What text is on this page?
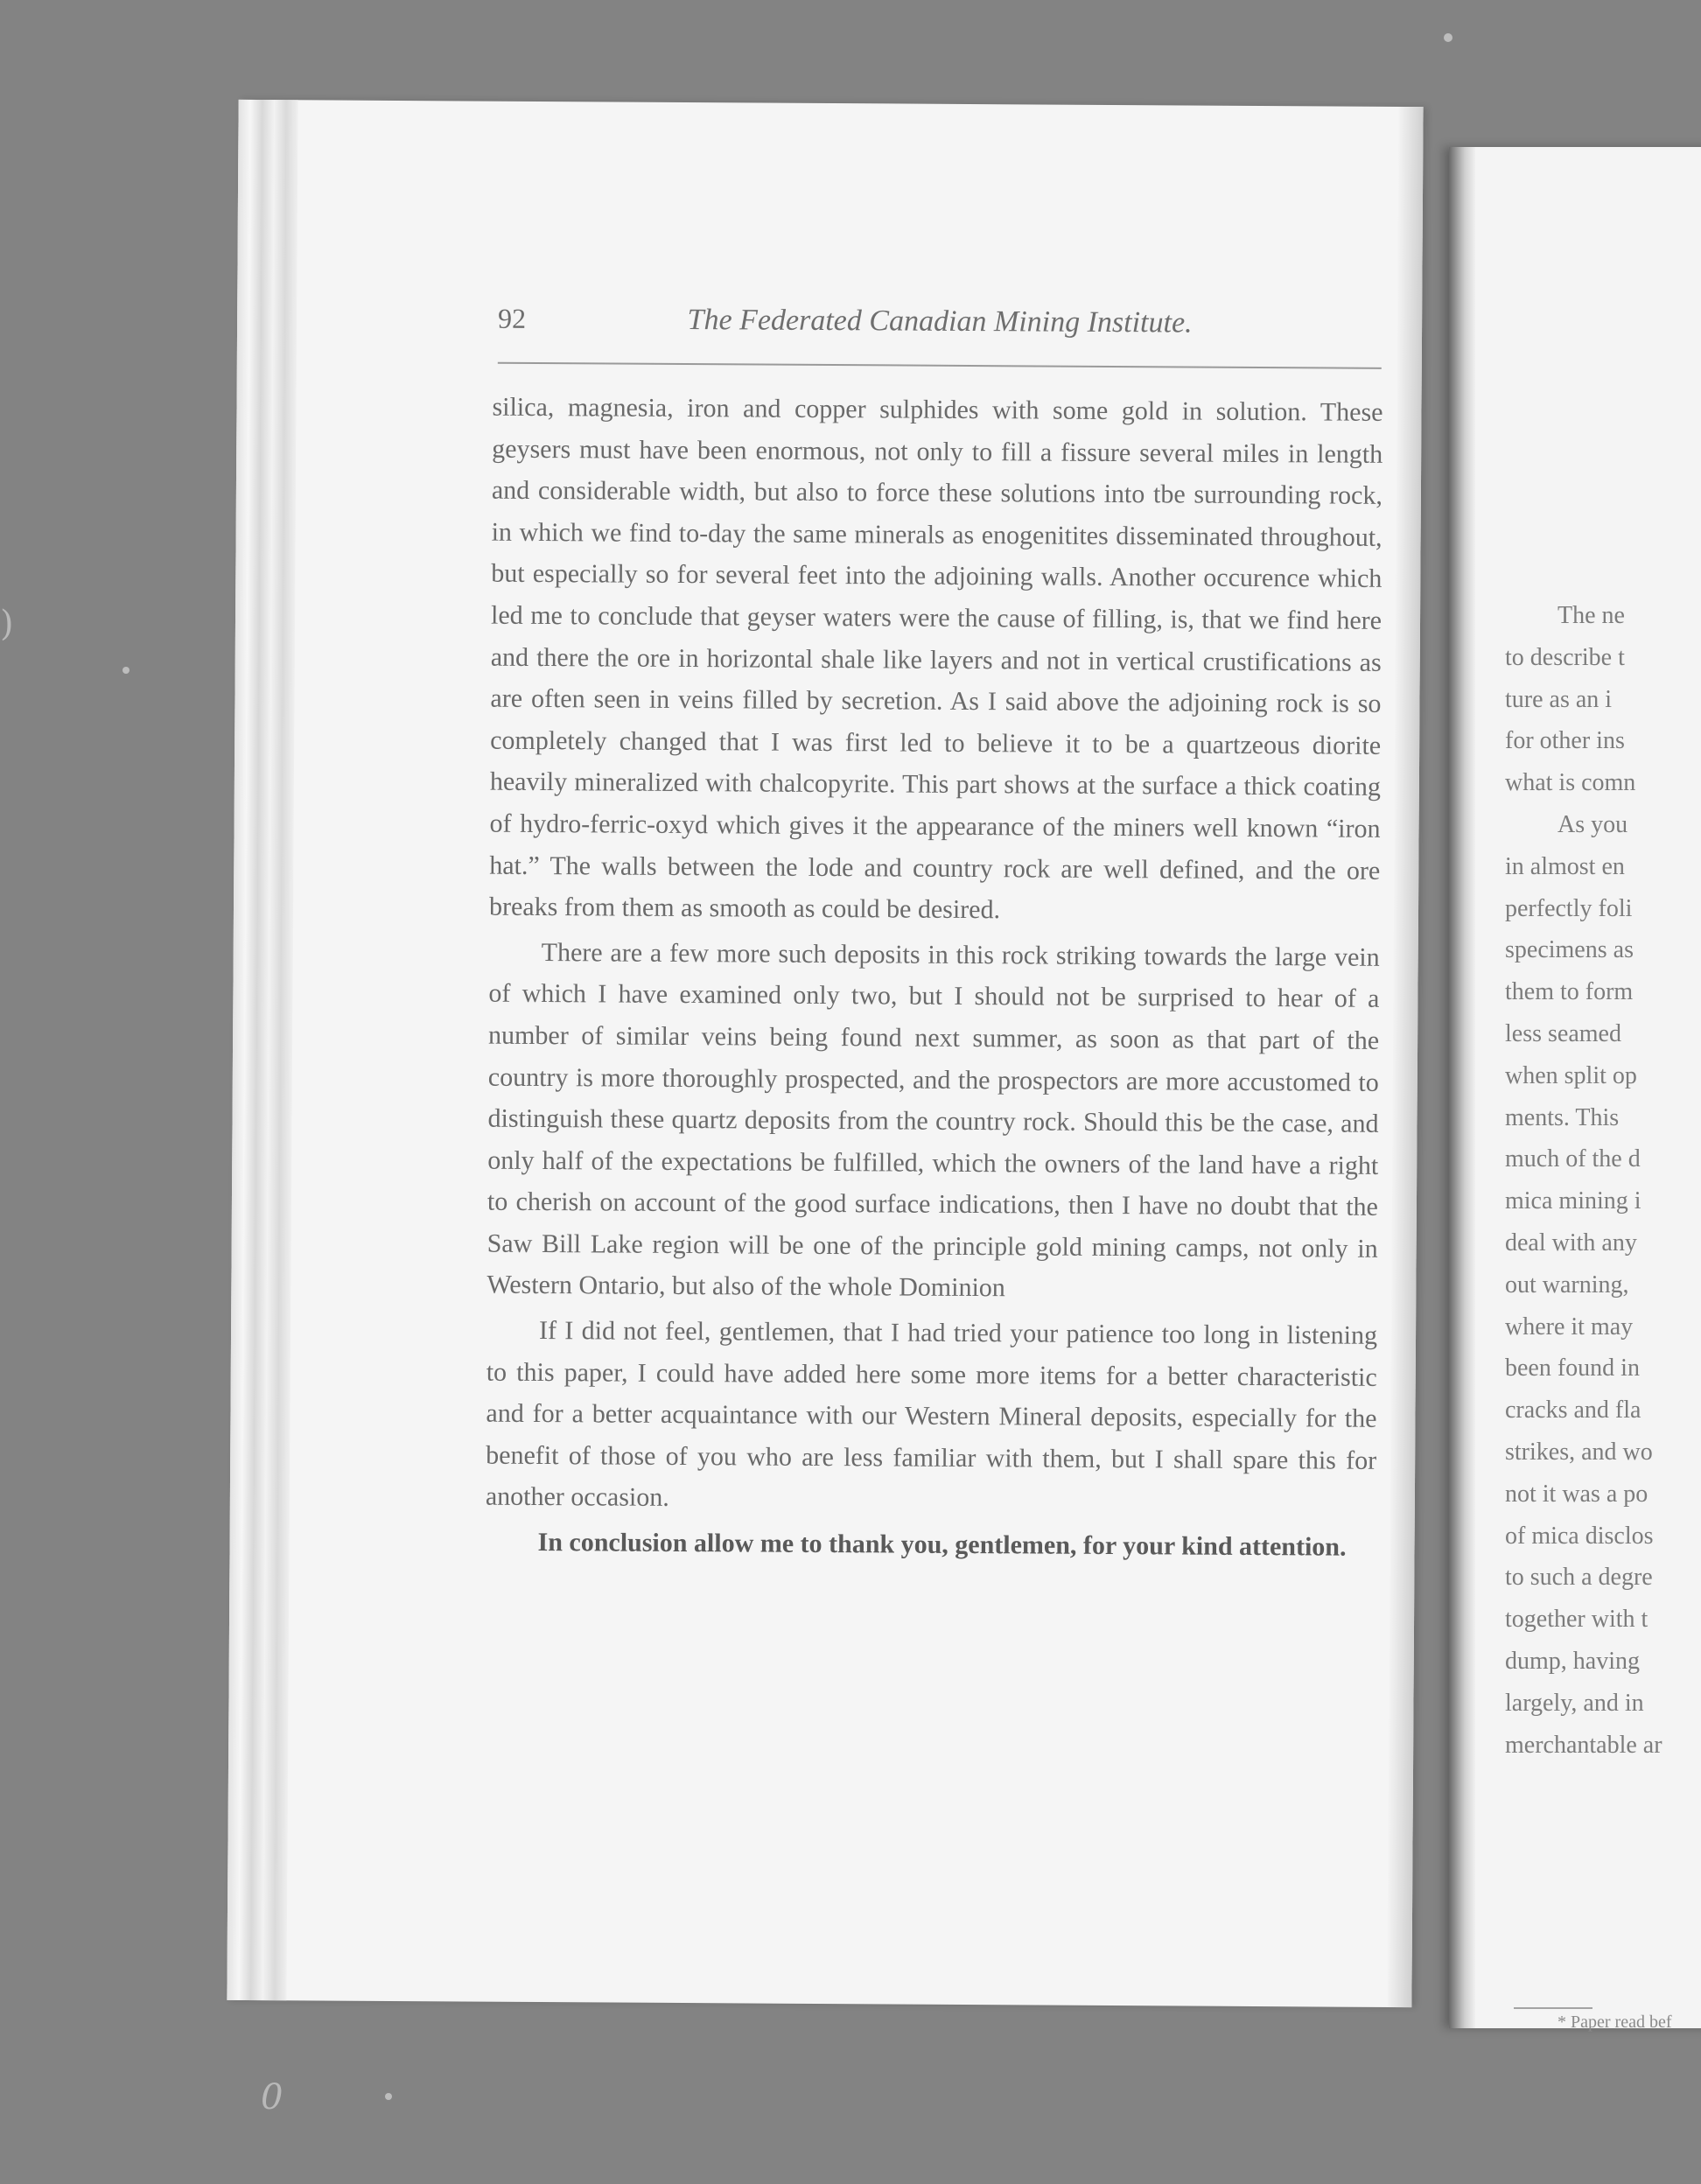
)
0
92	The Federated Canadian Mining Institute.

silica, magnesia, iron and copper sulphides with some gold in solution. These geysers must have been enormous, not only to fill a fissure several miles in length and considerable width, but also to force these solutions into tbe surrounding rock, in which we find to-day the same minerals as enogenitites disseminated throughout, but especially so for several feet into the adjoining walls. Another occurence which led me to conclude that geyser waters were the cause of filling, is, that we find here and there the ore in horizontal shale like layers and not in vertical crustifications as are often seen in veins filled by secretion. As I said above the adjoining rock is so completely changed that I was first led to believe it to be a quartzeous diorite heavily mineralized with chalcopyrite. This part shows at the surface a thick coating of hydro-ferric-oxyd which gives it the appearance of the miners well known “iron hat.” The walls between the lode and country rock are well defined, and the ore breaks from them as smooth as could be desired.

There are a few more such deposits in this rock striking towards the large vein of which I have examined only two, but I should not be surprised to hear of a number of similar veins being found next summer, as soon as that part of the country is more thoroughly prospected, and the prospectors are more accustomed to distinguish these quartz deposits from the country rock. Should this be the case, and only half of the expectations be fulfilled, which the owners of the land have a right to cherish on account of the good surface indications, then I have no doubt that the Saw Bill Lake region will be one of the principle gold mining camps, not only in Western Ontario, but also of the whole Dominion

If I did not feel, gentlemen, that I had tried your patience too long in listening to this paper, I could have added here some more items for a better characteristic and for a better acquaintance with our Western Mineral deposits, especially for the benefit of those of you who are less familiar with them, but I shall spare this for another occasion.

In conclusion allow me to thank you, gentlemen, for your kind attention.

The ne
to describe t
ture as an i
for other ins
what is comn
As you
in almost en
perfectly foli
specimens as
them to form
less seamed
when split op
ments. This
much of the d
mica mining i
deal with any
out warning,
where it may
been found in
cracks and fla
strikes, and wo
not it was a po
of mica disclos
to such a degre
together with t
dump, having
largely, and in
merchantable ar
* Paper read bef
